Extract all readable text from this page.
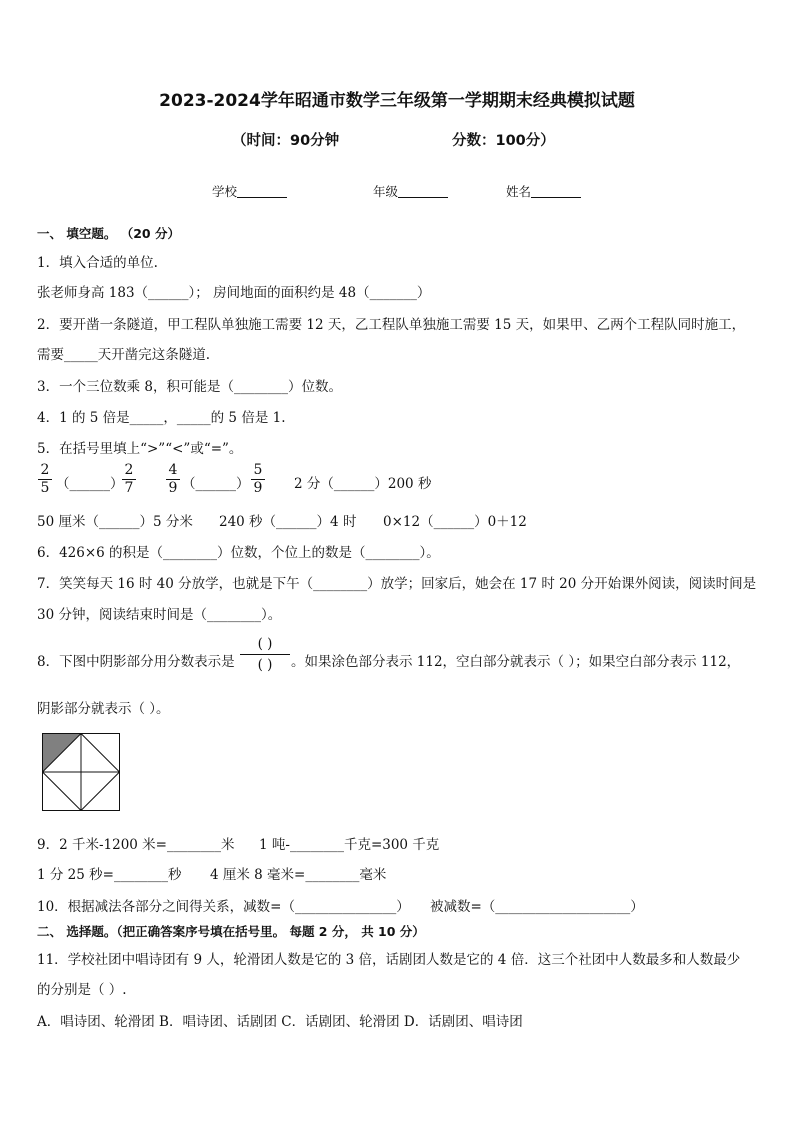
2023-2024学年昭通市数学三年级第一学期期末经典模拟试题
（时间：90分钟	分数：100分）
学校	年级	姓名
一、 填空题。 （20 分）
1．填入合适的单位.
张老师身高 183（______）； 房间地面的面积约是 48（_______）
2．要开凿一条隧道，甲工程队单独施工需要 12 天，乙工程队单独施工需要 15 天，如果甲、乙两个工程队同时施工，
需要_____天开凿完这条隧道.
3．一个三位数乘 8，积可能是（________）位数。
4．1 的 5 倍是_____，_____的 5 倍是 1.
5．在括号里填上“>”“<”或“=”。
2
5 （______）
2
7
4
9 （______）
5
9 2 分（______）200 秒
50 厘米（______）5 分米 240 秒（______）4 时 0×12（______）0＋12
6．426×6 的积是（________）位数，个位上的数是（________）。
7．笑笑每天 16 时 40 分放学，也就是下午（________）放学；回家后，她会在 17 时 20 分开始课外阅读，阅读时间是
30 分钟，阅读结束时间是（________）。
8．下图中阴影部分用分数表示是
( )
( )	。如果涂色部分表示 112，空白部分就表示（ ）；如果空白部分表示 112，
阴影部分就表示（ ）。
9．2 千米-1200 米=________米 1 吨-________千克=300 千克
1 分 25 秒=________秒 4 厘米 8 毫米=________毫米
10．根据减法各部分之间得关系，减数=（_______________） 被减数=（____________________）
二、 选择题。（把正确答案序号填在括号里。 每题 2 分， 共 10 分）
11．学校社团中唱诗团有 9 人，轮滑团人数是它的 3 倍，话剧团人数是它的 4 倍．这三个社团中人数最多和人数最少
的分别是（ ）.
A．唱诗团、轮滑团 B．唱诗团、话剧团 C．话剧团、轮滑团 D．话剧团、唱诗团
